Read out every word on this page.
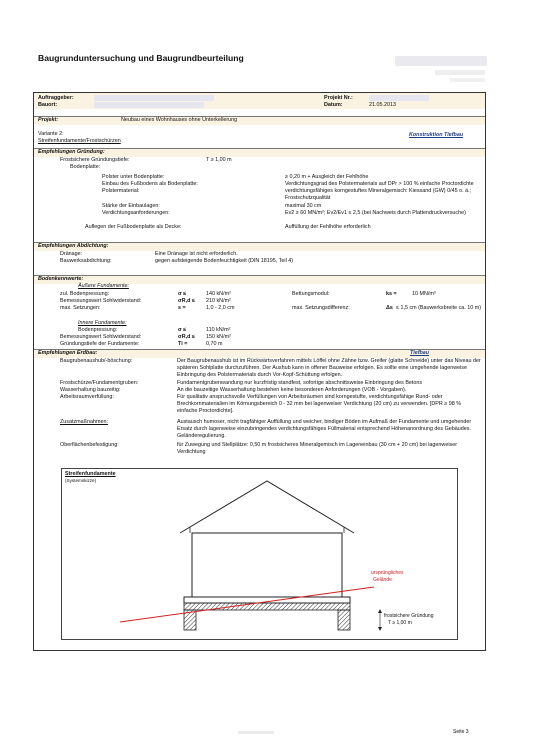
Baugrunduntersuchung und Baugrundbeurteilung
Auftraggeber:
Bauort:
Projekt Nr.:
Datum:	21.05.2013
Projekt:	Neubau eines Wohnhauses ohne Unterkellerung
Variante 2:
Streifenfundamente/Frostschürzen
Konstruktion Tiefbau
Empfehlungen Gründung:
Frostsichere Gründungstiefe:	T ≥ 1,00 m
Bodenplatte:
Polster unter Bodenplatte:	≥ 0,20 m + Ausgleich der Fehlhöhe
Einbau des Fußbodens als Bodenplatte:	Verdichtungsgrad des Polstermaterials auf DPr > 100 % einfache Proctordichte
Polstermaterial:	verdichtungsfähiges korngestuftes Mineralgemisch: Kiessand (GW) 0/45 o. ä.;
Frostschutzqualität
Stärke der Einbaulagen:	maximal 30 cm
Verdichtungsanforderungen:	Ev2 ≥ 60 MN/m²; Ev2/Ev1 ≤ 2,5 (bei Nachweis durch Plattendruckversuche)
Auflegen der Fußbodenplatte als Decke:	Auffüllung der Fehlhöhe erforderlich
Empfehlungen Abdichtung:
Dränage:	Eine Dränage ist nicht erforderlich.
Bauwerksabdichtung:	gegen aufsteigende Bodenfeuchtigkeit (DIN 18195, Teil 4)
Bodenkennwerte:
Äußere Fundamente:
zul. Bodenpressung:	σ ≤	140 kN/m²	Bettungsmodul:	ks =	10 MN/m³
Bemessungswert Sohlwiderstand:	σR,d ≤ 210 kN/m²
max. Setzungen:	s =	1,0 - 2,0 cm	max. Setzungsdifferenz:	Δs ≤ 1,5 cm (Bauwerksbreite ca. 10 m)
Innere Fundamente:
Bodenpressung:	σ ≤	110 kN/m²
Bemessungswert Sohlwiderstand:	σR,d ≤ 150 kN/m²
Gründungstiefe der Fundamente:	Ti =	0,70 m
Empfehlungen Erdbau:	Tiefbau
Baugrubenaushub/-böschung:	Der Baugrubenaushub ist im Rückwärtsverfahren mittels Löffel ohne Zähne bzw. Greifer (glatte Schneide) unter das Niveau der späteren Sohlplatte durchzuführen. Der Aushub kann in offener Bauweise erfolgen. Es sollte eine umgehende lagenweise Einbringung des Polstermaterials durch Vor-Kopf-Schüttung erfolgen.
Frostschürze/Fundamentgruben:	Fundamentgrubenwandung nur kurzfristig standfest, sofortige abschnittsweise Einbringung des Betons
Wasserhaltung bauzeitig:	An die bauzeitige Wasserhaltung bestehen keine besonderen Anforderungen (VOB - Vorgaben).
Arbeitsraumverfüllung:	Für qualitativ anspruchsvolle Verfüllungen von Arbeitsräumen sind korngestufte, verdichtungsfähige Rund- oder Brechkornmaterialien im Körnungsbereich 0 - 32 mm bei lagenweiser Verdichtung (20 cm) zu verwenden. [DPR ≥ 98 % einfache Proctordichte].
Zusatzmaßnahmen:	Austausch humoser, nicht tragfähiger Auffüllung und weicher, bindiger Böden im Aufmaß der Fundamente und umgehender Ersatz durch lagenweise einzubringendes verdichtungsfähiges Füllmaterial entsprechend Höhenanordnung des Gebäudes. Geländeregulierung.
Oberflächenbefestigung:	für Zuwegung und Stellplätze: 0,50 m frostsicheres Mineralgemisch im Lageneinbau (30 cm + 20 cm) bei lagenweiser Verdichtung
Streifenfundamente
(Systemskizze)
ursprüngliches
Gelände
frostsichere Gründung
T ≥ 1,00 m
Seite 3
